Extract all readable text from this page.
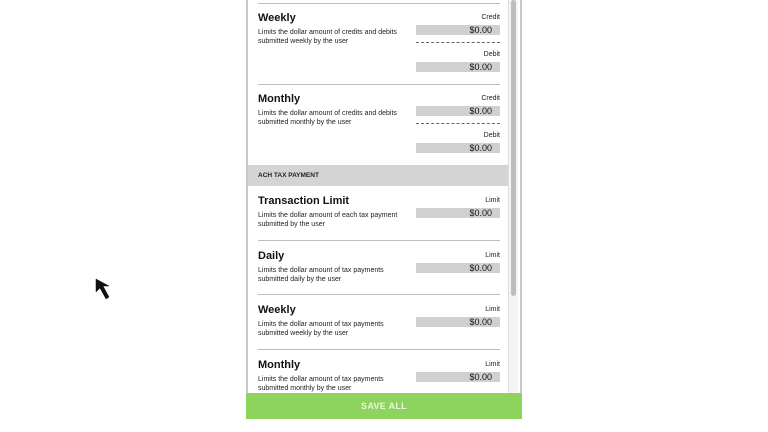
Weekly
Limits the dollar amount of credits and debits submitted weekly by the user
Credit
$0.00
Debit
$0.00
Monthly
Limits the dollar amount of credits and debits submitted monthly by the user
Credit
$0.00
Debit
$0.00
ACH TAX PAYMENT
Transaction Limit
Limits the dollar amount of each tax payment submitted by the user
Limit
$0.00
Daily
Limits the dollar amount of tax payments submitted daily by the user
Limit
$0.00
Weekly
Limits the dollar amount of tax payments submitted weekly by the user
Limit
$0.00
Monthly
Limits the dollar amount of tax payments submitted monthly by the user
Limit
$0.00
SAVE ALL
